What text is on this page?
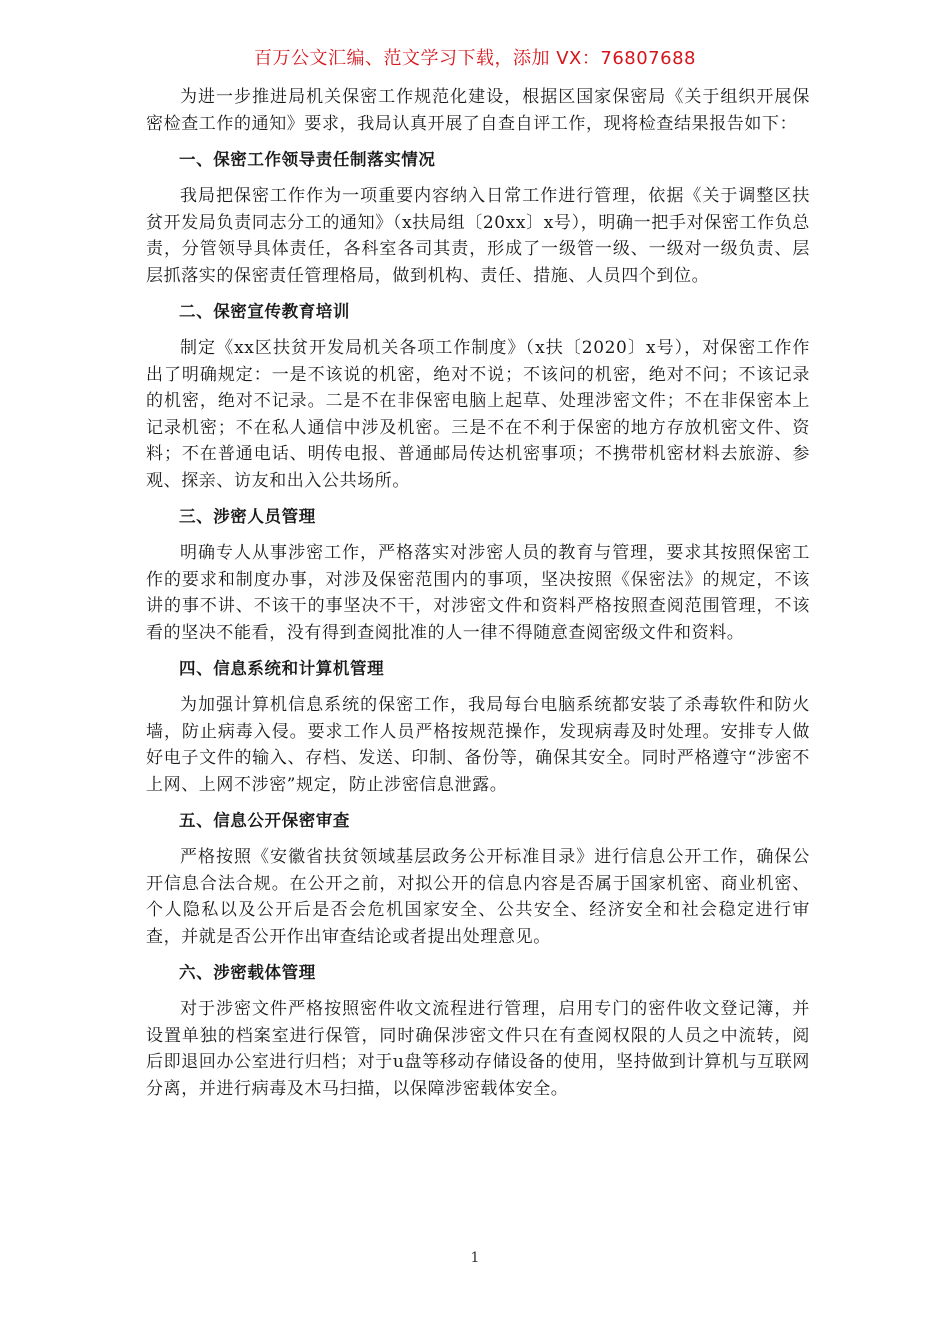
百万公文汇编、范文学习下载，添加 VX：76807688

为进一步推进局机关保密工作规范化建设，根据区国家保密局《关于组织开展保密检查工作的通知》要求，我局认真开展了自查自评工作，现将检查结果报告如下：

一、保密工作领导责任制落实情况

我局把保密工作作为一项重要内容纳入日常工作进行管理，依据《关于调整区扶贫开发局负责同志分工的通知》（x扶局组〔20xx〕x号），明确一把手对保密工作负总责，分管领导具体责任，各科室各司其责，形成了一级管一级、一级对一级负责、层层抓落实的保密责任管理格局，做到机构、责任、措施、人员四个到位。

二、保密宣传教育培训

制定《xx区扶贫开发局机关各项工作制度》（x扶〔2020〕x号），对保密工作作出了明确规定：一是不该说的机密，绝对不说；不该问的机密，绝对不问；不该记录的机密，绝对不记录。二是不在非保密电脑上起草、处理涉密文件；不在非保密本上记录机密；不在私人通信中涉及机密。三是不在不利于保密的地方存放机密文件、资料；不在普通电话、明传电报、普通邮局传达机密事项；不携带机密材料去旅游、参观、探亲、访友和出入公共场所。

三、涉密人员管理

明确专人从事涉密工作，严格落实对涉密人员的教育与管理，要求其按照保密工作的要求和制度办事，对涉及保密范围内的事项，坚决按照《保密法》的规定，不该讲的事不讲、不该干的事坚决不干，对涉密文件和资料严格按照查阅范围管理，不该看的坚决不能看，没有得到查阅批准的人一律不得随意查阅密级文件和资料。

四、信息系统和计算机管理

为加强计算机信息系统的保密工作，我局每台电脑系统都安装了杀毒软件和防火墙，防止病毒入侵。要求工作人员严格按规范操作，发现病毒及时处理。安排专人做好电子文件的输入、存档、发送、印制、备份等，确保其安全。同时严格遵守“涉密不上网、上网不涉密”规定，防止涉密信息泄露。

五、信息公开保密审查

严格按照《安徽省扶贫领域基层政务公开标准目录》进行信息公开工作，确保公开信息合法合规。在公开之前，对拟公开的信息内容是否属于国家机密、商业机密、个人隐私以及公开后是否会危机国家安全、公共安全、经济安全和社会稳定进行审查，并就是否公开作出审查结论或者提出处理意见。

六、涉密载体管理

对于涉密文件严格按照密件收文流程进行管理，启用专门的密件收文登记簿，并设置单独的档案室进行保管，同时确保涉密文件只在有查阅权限的人员之中流转，阅后即退回办公室进行归档；对于u盘等移动存储设备的使用，坚持做到计算机与互联网分离，并进行病毒及木马扫描，以保障涉密载体安全。

1
